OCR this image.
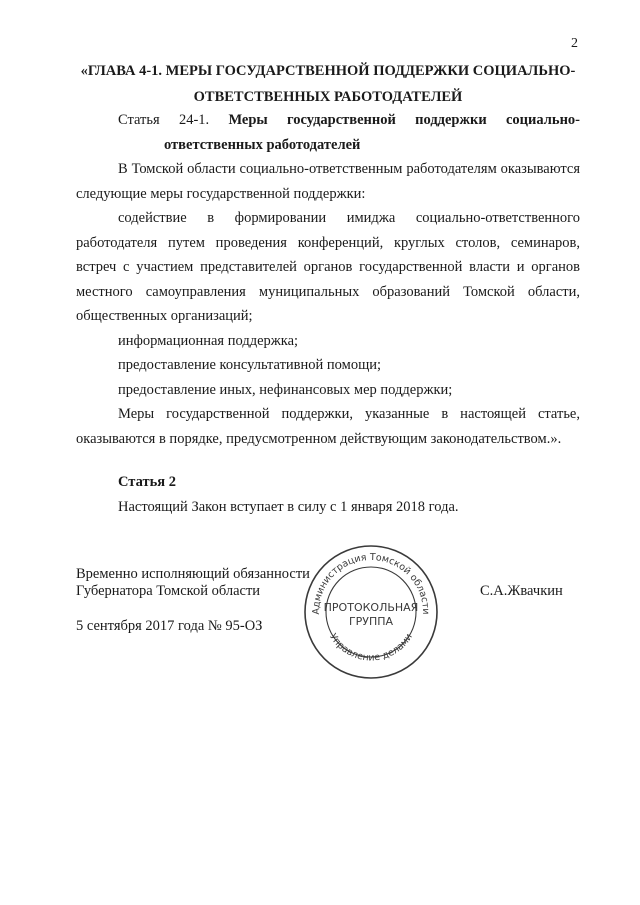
2
«ГЛАВА 4-1. МЕРЫ ГОСУДАРСТВЕННОЙ ПОДДЕРЖКИ СОЦИАЛЬНО-
ОТВЕТСТВЕННЫХ РАБОТОДАТЕЛЕЙ

Статья 24-1. Меры государственной поддержки социально-

ответственных работодателей

В Томской области социально-ответственным работодателям оказываются следующие меры государственной поддержки:

содействие в формировании имиджа социально-ответственного работодателя путем проведения конференций, круглых столов, семинаров, встреч с участием представителей органов государственной власти и органов местного самоуправления муниципальных образований Томской области, общественных организаций;

информационная поддержка;

предоставление консультативной помощи;

предоставление иных, нефинансовых мер поддержки;

Меры государственной поддержки, указанные в настоящей статье, оказываются в порядке, предусмотренном действующим законодательством.».

Статья 2

Настоящий Закон вступает в силу с 1 января 2018 года.

Временно исполняющий обязанности
Губернатора Томской области	С.А.Жвачкин
5 сентября 2017 года № 95-ОЗ
Администрация Томской области
Управление делами
ПРОТОКОЛЬНАЯ
ГРУППА
